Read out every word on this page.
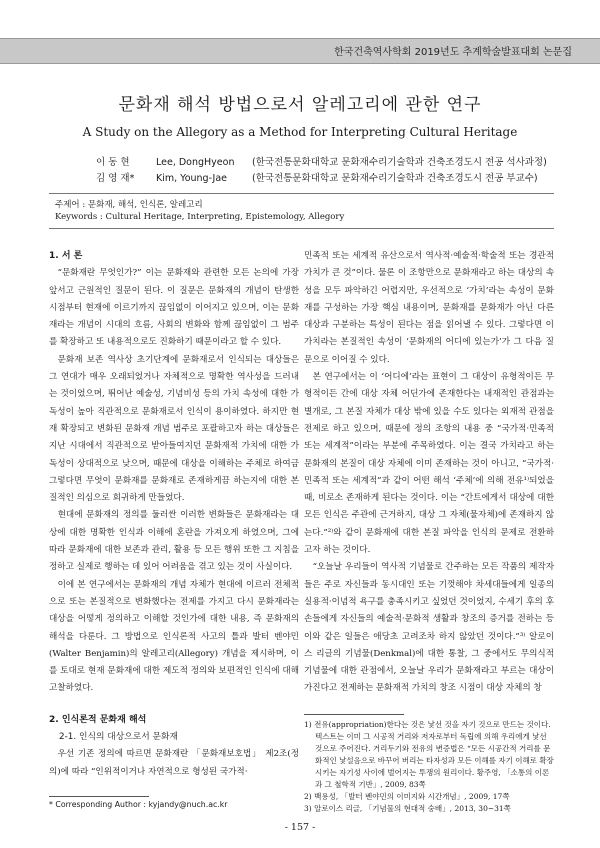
한국건축역사학회 2019년도 추계학술발표대회 논문집
문화재 해석 방법으로서 알레고리에 관한 연구
A Study on the Allegory as a Method for Interpreting Cultural Heritage
이 동 현	Lee, DongHyeon (한국전통문화대학교 문화재수리기술학과 건축조경도시 전공 석사과정)
김 영 재* Kim, Young-Jae	(한국전통문화대학교 문화재수리기술학과 건축조경도시 전공 부교수)
주제어 : 문화재, 해석, 인식론, 알레고리
Keywords : Cultural Heritage, Interpreting, Epistemology, Allegory

1. 서 론

“문화재란 무엇인가?” 이는 문화재와 관련한 모든 논의에 가장 앞서고 근원적인 질문이 된다. 이 질문은 문화재의 개념이 탄생한 시점부터 현재에 이르기까지 끊임없이 이어지고 있으며, 이는 문화재라는 개념이 시대의 흐름, 사회의 변화와 함께 끊임없이 그 범주를 확장하고 또 내용적으로도 진화하기 때문이라고 할 수 있다.

문화재 보존 역사상 초기단계에 문화재로서 인식되는 대상들은 그 연대가 매우 오래되었거나 자체적으로 명확한 역사성을 드러내는 것이었으며, 뛰어난 예술성, 기념비성 등의 가치 속성에 대한 가독성이 높아 직관적으로 문화재로서 인식이 용이하였다. 하지만 현재 확장되고 변화된 문화재 개념 범주로 포괄하고자 하는 대상들은 지난 시대에서 직관적으로 받아들여지던 문화재적 가치에 대한 가독성이 상대적으로 낮으며, 때문에 대상을 이해하는 주체로 하여금 그렇다면 무엇이 문화재를 문화재로 존재하게끔 하는지에 대한 본질적인 의심으로 회귀하게 만들었다.

현대에 문화재의 정의를 둘러싼 이러한 변화들은 문화재라는 대상에 대한 명확한 인식과 이해에 혼란을 가져오게 하였으며, 그에 따라 문화재에 대한 보존과 관리, 활용 등 모든 행위 또한 그 지침을 정하고 실제로 행하는 데 있어 어려움을 겪고 있는 것이 사실이다.

이에 본 연구에서는 문화재의 개념 자체가 현대에 이르러 전체적으로 또는 본질적으로 변화했다는 전제를 가지고 다시 문화재라는 대상을 어떻게 정의하고 이해할 것인가에 대한 내용, 즉 문화재의 해석을 다룬다. 그 방법으로 인식론적 사고의 틀과 발터 벤야민(Walter Benjamin)의 알레고리(Allegory) 개념을 제시하며, 이를 토대로 현재 문화재에 대한 제도적 정의와 보편적인 인식에 대해 고찰하였다.

2. 인식론적 문화재 해석

2-1. 인식의 대상으로서 문화재

우선 기존 정의에 따르면 문화재란 「문화재보호법」 제2조(정의)에 따라 “인위적이거나 자연적으로 형성된 국가적·

민족적 또는 세계적 유산으로서 역사적·예술적·학술적 또는 경관적 가치가 큰 것”이다. 물론 이 조항만으로 문화재라고 하는 대상의 속성을 모두 파악하긴 어렵지만, 우선적으로 ‘가치’라는 속성이 문화재를 구성하는 가장 핵심 내용이며, 문화재를 문화재가 아닌 다른 대상과 구분하는 특성이 된다는 점을 읽어낼 수 있다. 그렇다면 이 가치라는 본질적인 속성이 ‘문화재의 어디에 있는가’가 그 다음 질문으로 이어질 수 있다.

본 연구에서는 이 ‘어디에’라는 표현이 그 대상이 유형적이든 무형적이든 간에 대상 자체 어딘가에 존재한다는 내재적인 관점과는 별개로, 그 본질 자체가 대상 밖에 있을 수도 있다는 외재적 관점을 전제로 하고 있으며, 때문에 정의 조항의 내용 중 “국가적·민족적 또는 세계적”이라는 부분에 주목하였다. 이는 결국 가치라고 하는 문화재의 본질이 대상 자체에 이미 존재하는 것이 아니고, “국가적·민족적 또는 세계적”과 같이 어떤 해석 ‘주체’에 의해 전유¹⁾되었을 때, 비로소 존재하게 된다는 것이다. 이는 “간트에게서 대상에 대한 모든 인식은 주관에 근거하지, 대상 그 자체(물자체)에 존재하지 않는다.”²⁾와 같이 문화재에 대한 본질 파악을 인식의 문제로 전환하고자 하는 것이다.

“오늘날 우리들이 역사적 기념물로 간주하는 모든 작품의 제작자들은 주로 자신들과 동시대인 또는 기껏해야 차세대들에게 일종의 실용적·이념적 욕구를 충족시키고 싶었던 것이었지, 수세기 후의 후손들에게 자신들의 예술적·문화적 생활과 창조의 증거를 전하는 등 이와 같은 일들은 애당초 고려조차 하지 않았던 것이다.”³⁾ 알로이스 리글의 기념물(Denkmal)에 대한 통찰, 그 중에서도 무의식적 기념물에 대한 관점에서, 오늘날 우리가 문화재라고 부르는 대상이 가진다고 전제하는 문화재적 가치의 창조 시점이 대상 자체의 창

1) 전유(appropriation)한다는 것은 낯선 것을 자기 것으로 만드는 것이다. 텍스트는 이미 그 시공적 거리와 저자로부터 독립에 의해 우리에게 낯선 것으로 주어진다. 거리두기와 전유의 변증법은 “모든 시공간적 거리를 문화적인 낯설음으로 바꾸어 버리는 타자성과 모든 이해를 자기 이해로 확장시키는 자기성 사이에 벌어지는 투쟁의 원리이다. 황주영, 「소통의 이론과 그 철학적 기반」, 2009, 83쪽

2) 백용성, 「발터 벤야민의 이미지와 시간개념」, 2009, 17쪽

3) 알로이스 리글, 「기념물의 현대적 숭배」, 2013, 30~31쪽

* Corresponding Author : kyjandy@nuch.ac.kr
- 157 -
